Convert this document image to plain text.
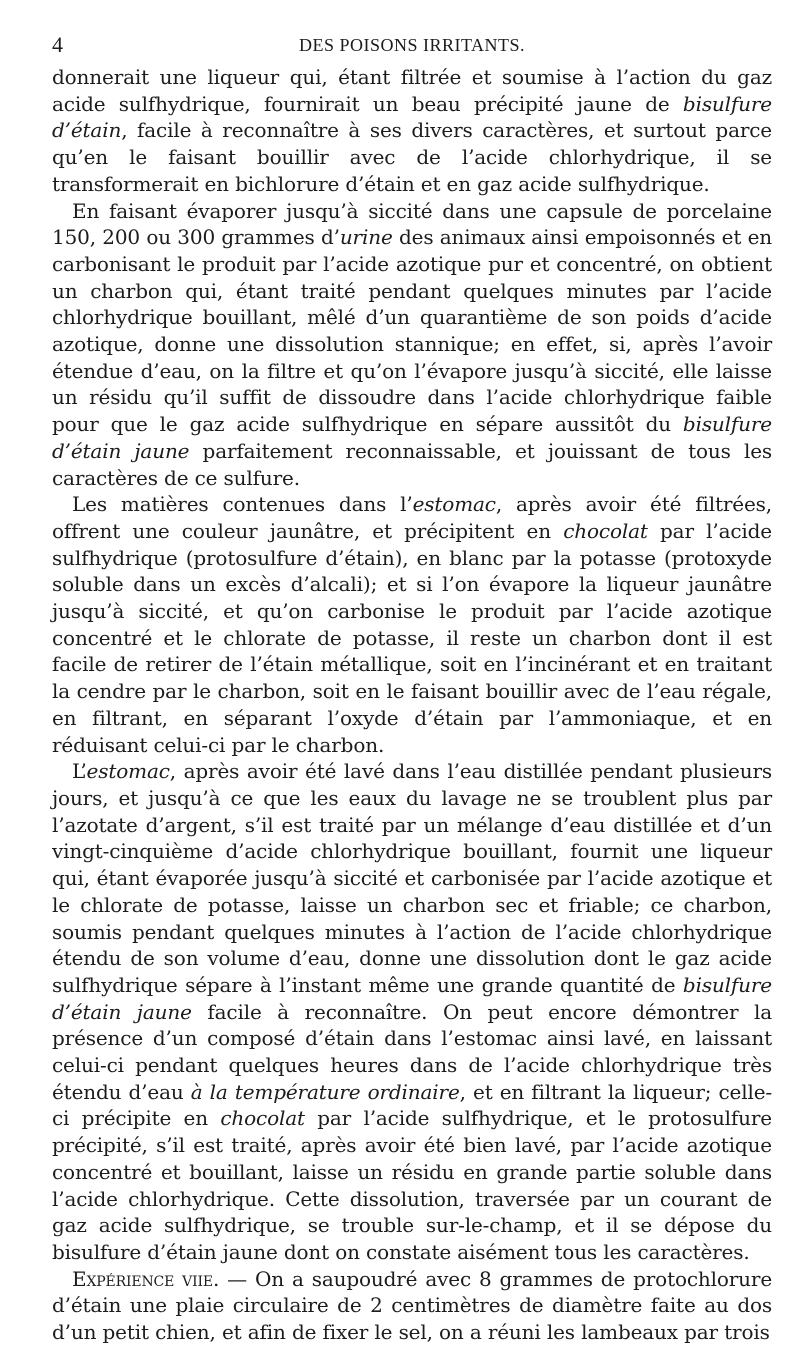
4	DES POISONS IRRITANTS.

donnerait une liqueur qui, étant filtrée et soumise à l’action du gaz acide sulfhydrique, fournirait un beau précipité jaune de bisulfure d’étain, facile à reconnaître à ses divers caractères, et surtout parce qu’en le faisant bouillir avec de l’acide chlorhydrique, il se transformerait en bichlorure d’étain et en gaz acide sulfhydrique.

En faisant évaporer jusqu’à siccité dans une capsule de porcelaine 150, 200 ou 300 grammes d’urine des animaux ainsi empoisonnés et en carbonisant le produit par l’acide azotique pur et concentré, on obtient un charbon qui, étant traité pendant quelques minutes par l’acide chlorhydrique bouillant, mêlé d’un quarantième de son poids d’acide azotique, donne une dissolution stannique; en effet, si, après l’avoir étendue d’eau, on la filtre et qu’on l’évapore jusqu’à siccité, elle laisse un résidu qu’il suffit de dissoudre dans l’acide chlorhydrique faible pour que le gaz acide sulfhydrique en sépare aussitôt du bisulfure d’étain jaune parfaitement reconnaissable, et jouissant de tous les caractères de ce sulfure.

Les matières contenues dans l’estomac, après avoir été filtrées, offrent une couleur jaunâtre, et précipitent en chocolat par l’acide sulfhydrique (protosulfure d’étain), en blanc par la potasse (protoxyde soluble dans un excès d’alcali); et si l’on évapore la liqueur jaunâtre jusqu’à siccité, et qu’on carbonise le produit par l’acide azotique concentré et le chlorate de potasse, il reste un charbon dont il est facile de retirer de l’étain métallique, soit en l’incinérant et en traitant la cendre par le charbon, soit en le faisant bouillir avec de l’eau régale, en filtrant, en séparant l’oxyde d’étain par l’ammoniaque, et en réduisant celui-ci par le charbon.

L’estomac, après avoir été lavé dans l’eau distillée pendant plusieurs jours, et jusqu’à ce que les eaux du lavage ne se troublent plus par l’azotate d’argent, s’il est traité par un mélange d’eau distillée et d’un vingt-cinquième d’acide chlorhydrique bouillant, fournit une liqueur qui, étant évaporée jusqu’à siccité et carbonisée par l’acide azotique et le chlorate de potasse, laisse un charbon sec et friable; ce charbon, soumis pendant quelques minutes à l’action de l’acide chlorhydrique étendu de son volume d’eau, donne une dissolution dont le gaz acide sulfhydrique sépare à l’instant même une grande quantité de bisulfure d’étain jaune facile à reconnaître. On peut encore démontrer la présence d’un composé d’étain dans l’estomac ainsi lavé, en laissant celui-ci pendant quelques heures dans de l’acide chlorhydrique très étendu d’eau à la température ordinaire, et en filtrant la liqueur; celle-ci précipite en chocolat par l’acide sulfhydrique, et le protosulfure précipité, s’il est traité, après avoir été bien lavé, par l’acide azotique concentré et bouillant, laisse un résidu en grande partie soluble dans l’acide chlorhydrique. Cette dissolution, traversée par un courant de gaz acide sulfhydrique, se trouble sur-le-champ, et il se dépose du bisulfure d’étain jaune dont on constate aisément tous les caractères.

Expérience viie. — On a saupoudré avec 8 grammes de protochlorure d’étain une plaie circulaire de 2 centimètres de diamètre faite au dos d’un petit chien, et afin de fixer le sel, on a réuni les lambeaux par trois
